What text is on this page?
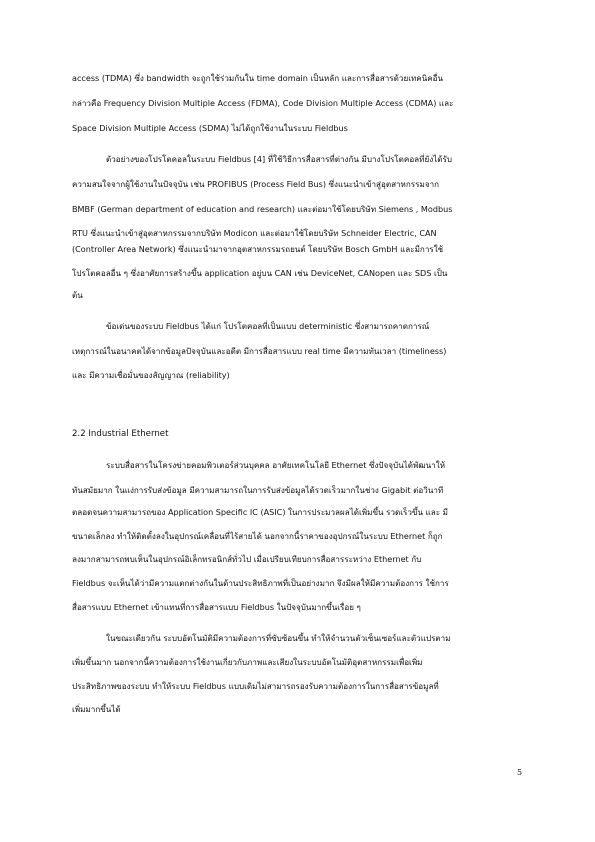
access (TDMA) ซึ่ง bandwidth จะถูกใช้ร่วมกันใน time domain เป็นหลัก และการสื่อสารด้วยเทคนิคอื่น
กล่าวคือ Frequency Division Multiple Access (FDMA), Code Division Multiple Access (CDMA) และ
Space Division Multiple Access (SDMA) ไม่ได้ถูกใช้งานในระบบ Fieldbus
ตัวอย่างของโปรโตคอลในระบบ Fieldbus [4] ที่ใช้วิธีการสื่อสารที่ต่างกัน มีบางโปรโตคอลที่ยังได้รับ
ความสนใจจากผู้ใช้งานในปัจจุบัน เช่น PROFIBUS (Process Field Bus) ซึ่งแนะนำเข้าสู่อุตสาหกรรมจาก
BMBF (German department of education and research) และต่อมาใช้โดยบริษัท Siemens , Modbus
RTU ซึ่งแนะนำเข้าสู่อุตสาหกรรมจากบริษัท Modicon และต่อมาใช้โดยบริษัท Schneider Electric, CAN
(Controller Area Network) ซึ่งแนะนำมาจากอุตสาหกรรมรถยนต์ โดยบริษัท Bosch GmbH และมีการใช้
โปรโตคอลอื่น ๆ ซึ่งอาศัยการสร้างขึ้น application อยู่บน CAN เช่น DeviceNet, CANopen และ SDS เป็น
ต้น
ข้อเด่นของระบบ Fieldbus ได้แก่ โปรโตคอลที่เป็นแบบ deterministic ซึ่งสามารถคาดการณ์
เหตุการณ์ในอนาคตได้จากข้อมูลปัจจุบันและอดีต มีการสื่อสารแบบ real time มีความทันเวลา (timeliness)
และ มีความเชื่อมั่นของสัญญาณ (reliability)
2.2 Industrial Ethernet
ระบบสื่อสารในโครงข่ายคอมพิวเตอร์ส่วนบุคคล อาศัยเทคโนโลยี Ethernet ซึ่งปัจจุบันได้พัฒนาให้
ทันสมัยมาก ในแง่การรับส่งข้อมูล มีความสามารถในการรับส่งข้อมูลได้รวดเร็วมากในช่วง Gigabit ต่อวินาที
ตลอดจนความสามารถของ Application Specific IC (ASIC) ในการประมวลผลได้เพิ่มขึ้น รวดเร็วขึ้น และ มี
ขนาดเล็กลง ทำให้ติดตั้งลงในอุปกรณ์เคลื่อนที่ไร้สายได้ นอกจากนี้ราคาของอุปกรณ์ในระบบ Ethernet ก็ถูก
ลงมากสามารถพบเห็นในอุปกรณ์อิเล็กทรอนิกส์ทั่วไป เมื่อเปรียบเทียบการสื่อสารระหว่าง Ethernet กับ
Fieldbus จะเห็นได้ว่ามีความแตกต่างกันในด้านประสิทธิภาพที่เป็นอย่างมาก จึงมีผลให้มีความต้องการ ใช้การ
สื่อสารแบบ Ethernet เข้าแทนที่การสื่อสารแบบ Fieldbus ในปัจจุบันมากขึ้นเรื่อย ๆ
ในขณะเดียวกัน ระบบอัตโนมัติมีความต้องการที่ซับซ้อนขึ้น ทำให้จำนวนตัวเซ็นเซอร์และตัวแปรตาม
เพิ่มขึ้นมาก นอกจากนี้ความต้องการใช้งานเกี่ยวกับภาพและเสียงในระบบอัตโนมัติอุตสาหกรรมเพื่อเพิ่ม
ประสิทธิภาพของระบบ ทำให้ระบบ Fieldbus แบบเดิมไม่สามารถรองรับความต้องการในการสื่อสารข้อมูลที่
เพิ่มมากขึ้นได้
5
